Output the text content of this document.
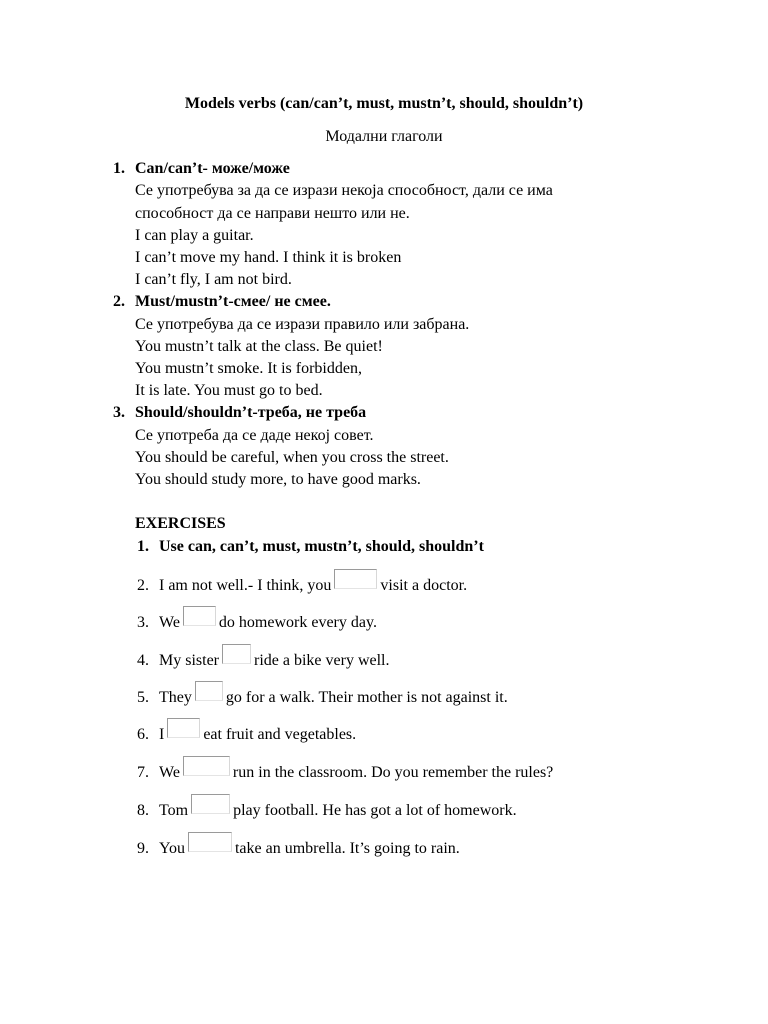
Models verbs (can/can’t, must, mustn’t, should, shouldn’t)
Модални глаголи
1. Can/can’t- може/може
Се употребува за да се изрази некоја способност, дали се има
способност да се направи нешто или не.
I can play a guitar.
I can’t move my hand. I think it is broken
I can’t fly, I am not bird.
2. Must/mustn’t-смее/ не смее.
Се употребува да се изрази правило или забрана.
You mustn’t talk at the class. Be quiet!
You mustn’t smoke. It is forbidden,
It is late. You must go to bed.
3. Should/shouldn’t-треба, не треба
Се употреба да се даде некој совет.
You should be careful, when you cross the street.
You should study more, to have good marks.
EXERCISES
1. Use can, can’t, must, mustn’t, should, shouldn’t
2. I am not well.- I think, you	visit a doctor.
3. We do homework every day.
4. My sister ride a bike very well.
5. They go for a walk. Their mother is not against it.
6. I eat fruit and vegetables.
7. We	run in the classroom. Do you remember the rules?
8. Tom	play football. He has got a lot of homework.
9. You	take an umbrella. It’s going to rain.
